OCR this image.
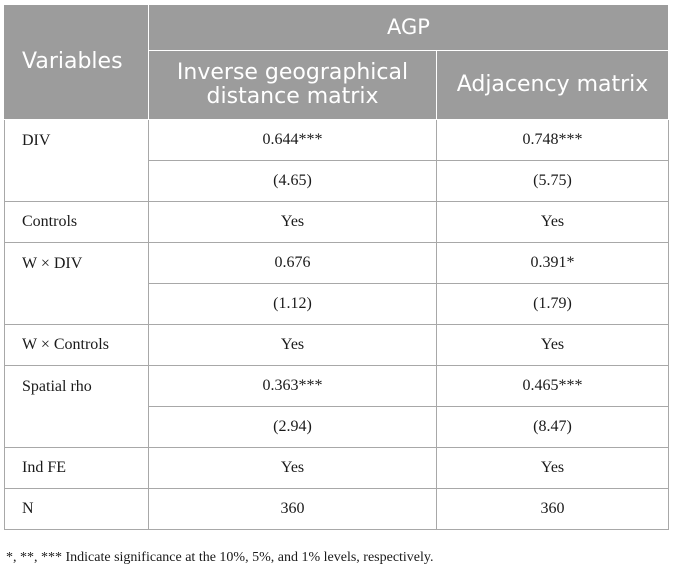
Variables	AGP	
	Inverse geographical distance matrix	Adjacency matrix
DIV	0.644***	0.748***
	(4.65)	(5.75)
Controls	Yes	Yes
W × DIV	0.676	0.391*
	(1.12)	(1.79)
W × Controls	Yes	Yes
Spatial rho	0.363***	0.465***
	(2.94)	(8.47)
Ind FE	Yes	Yes
N	360	360
*, **, *** Indicate significance at the 10%, 5%, and 1% levels, respectively.
